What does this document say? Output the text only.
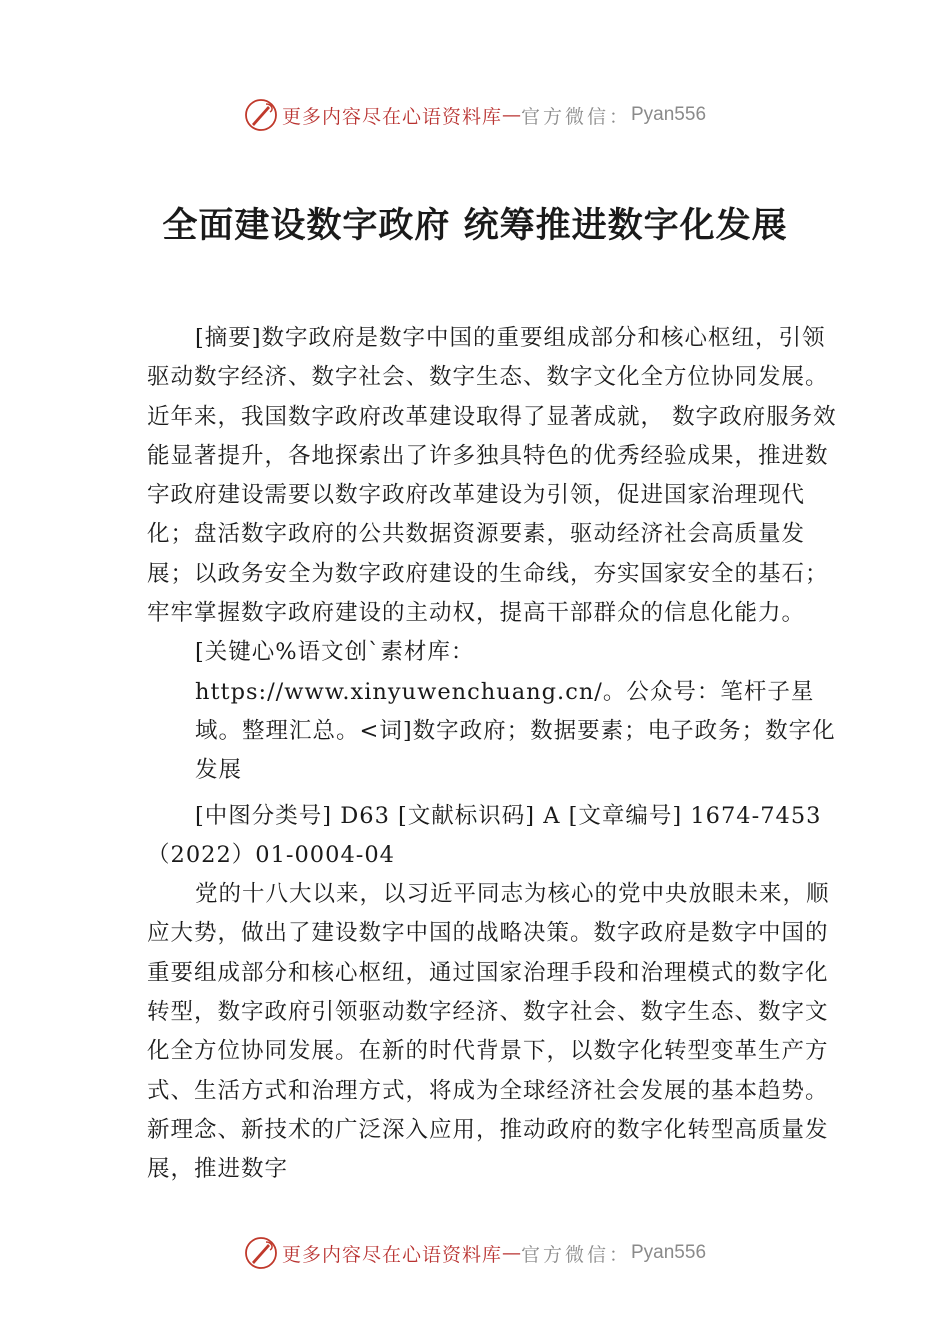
更多内容尽在心语资料库 — 官方微信： Pyan556
全面建设数字政府 统筹推进数字化发展

[摘要]数字政府是数字中国的重要组成部分和核心枢纽，引领驱动数字经济、数字社会、数字生态、数字文化全方位协同发展。近年来，我国数字政府改革建设取得了显著成就， 数字政府服务效能显著提升，各地探索出了许多独具特色的优秀经验成果，推进数字政府建设需要以数字政府改革建设为引领，促进国家治理现代化；盘活数字政府的公共数据资源要素，驱动经济社会高质量发展；以政务安全为数字政府建设的生命线，夯实国家安全的基石；牢牢掌握数字政府建设的主动权，提高干部群众的信息化能力。

[关键心%语文创`素材库：https://www.xinyuwenchuang.cn/。公众号：笔杆子星域。整理汇总。<词]数字政府；数据要素；电子政务；数字化发展

[中图分类号] D63 [文献标识码] A [文章编号] 1674-7453（2022）01-0004-04

党的十八大以来，以习近平同志为核心的党中央放眼未来，顺应大势，做出了建设数字中国的战略决策。数字政府是数字中国的重要组成部分和核心枢纽，通过国家治理手段和治理模式的数字化转型，数字政府引领驱动数字经济、数字社会、数字生态、数字文化全方位协同发展。在新的时代背景下，以数字化转型变革生产方式、生活方式和治理方式，将成为全球经济社会发展的基本趋势。新理念、新技术的广泛深入应用，推动政府的数字化转型高质量发展，推进数字

更多内容尽在心语资料库 — 官方微信： Pyan556
